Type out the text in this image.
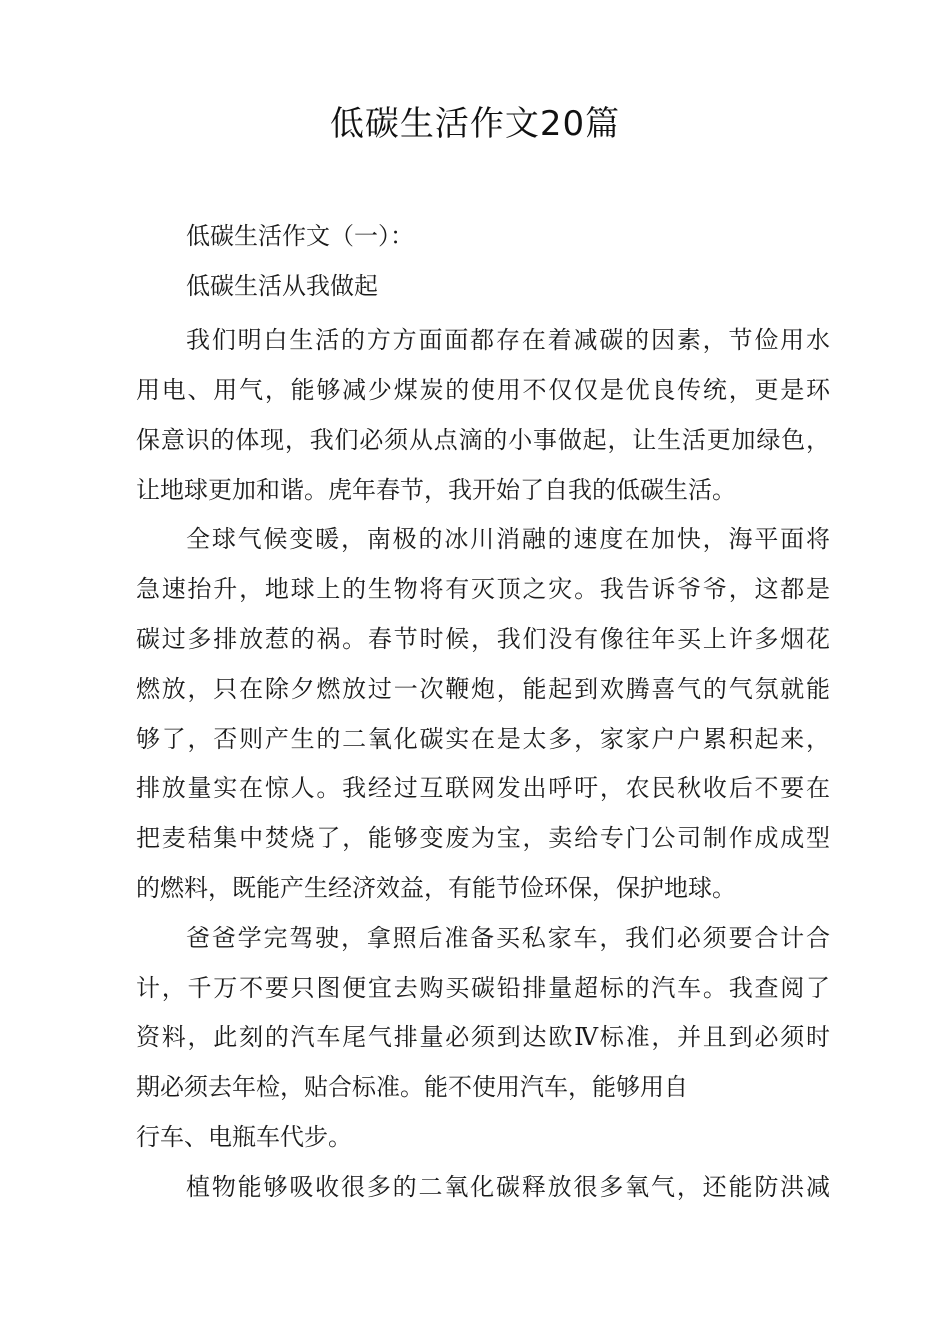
低碳生活作文20篇
低碳生活作文（一）：
低碳生活从我做起
我们明白生活的方方面面都存在着减碳的因素，节俭用水
用电、用气，能够减少煤炭的使用不仅仅是优良传统，更是环
保意识的体现，我们必须从点滴的小事做起，让生活更加绿色，
让地球更加和谐。虎年春节，我开始了自我的低碳生活。
全球气候变暖，南极的冰川消融的速度在加快，海平面将
急速抬升，地球上的生物将有灭顶之灾。我告诉爷爷，这都是
碳过多排放惹的祸。春节时候，我们没有像往年买上许多烟花
燃放，只在除夕燃放过一次鞭炮，能起到欢腾喜气的气氛就能
够了，否则产生的二氧化碳实在是太多，家家户户累积起来，
排放量实在惊人。我经过互联网发出呼吁，农民秋收后不要在
把麦秸集中焚烧了，能够变废为宝，卖给专门公司制作成成型
的燃料，既能产生经济效益，有能节俭环保，保护地球。
爸爸学完驾驶，拿照后准备买私家车，我们必须要合计合
计，千万不要只图便宜去购买碳铅排量超标的汽车。我查阅了
资料，此刻的汽车尾气排量必须到达欧Ⅳ标准，并且到必须时
期必须去年检，贴合标准。能不使用汽车，能够用自
行车、电瓶车代步。
植物能够吸收很多的二氧化碳释放很多氧气，还能防洪减
